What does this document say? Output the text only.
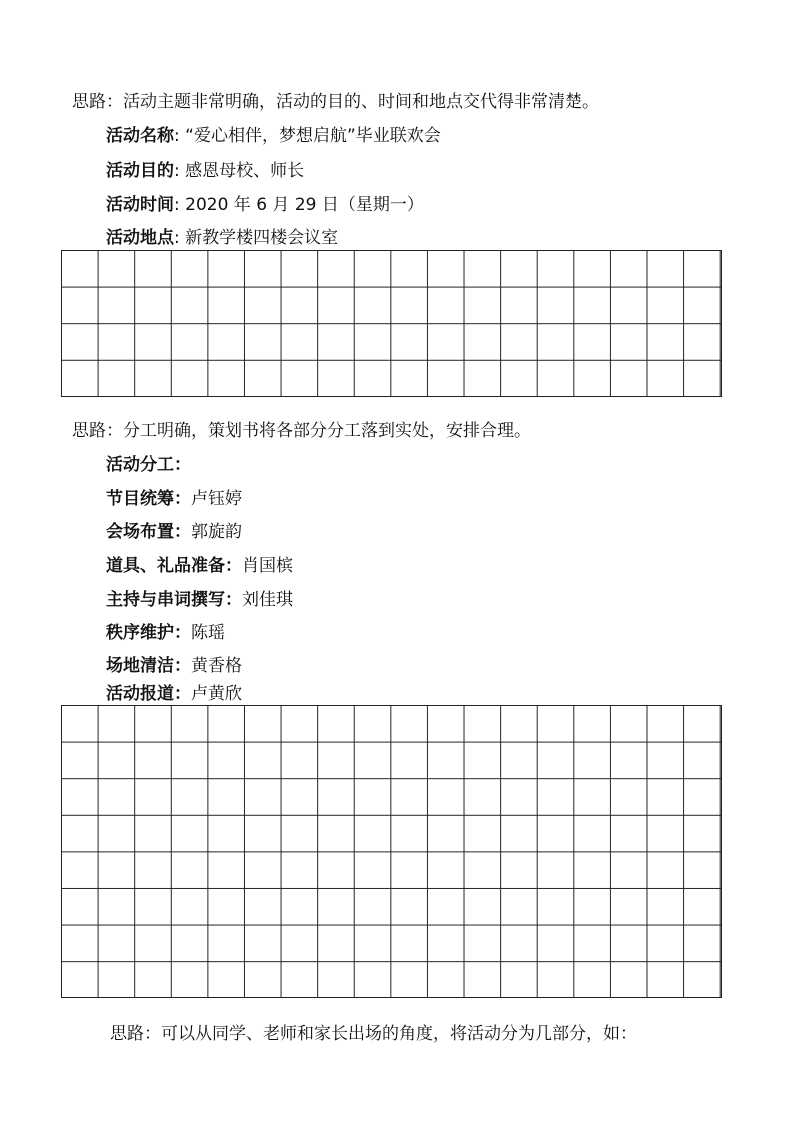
思路：活动主题非常明确，活动的目的、时间和地点交代得非常清楚。
活动名称: “爱心相伴，梦想启航”毕业联欢会
活动目的: 感恩母校、师长
活动时间: 2020 年 6 月 29 日（星期一）
活动地点: 新教学楼四楼会议室
思路：分工明确，策划书将各部分分工落到实处，安排合理。
活动分工：
节目统筹：卢钰婷
会场布置：郭旋韵
道具、礼品准备：肖国槟
主持与串词撰写：刘佳琪
秩序维护：陈瑶
场地清洁：黄香格
活动报道：卢黄欣
思路：可以从同学、老师和家长出场的角度，将活动分为几部分，如：
